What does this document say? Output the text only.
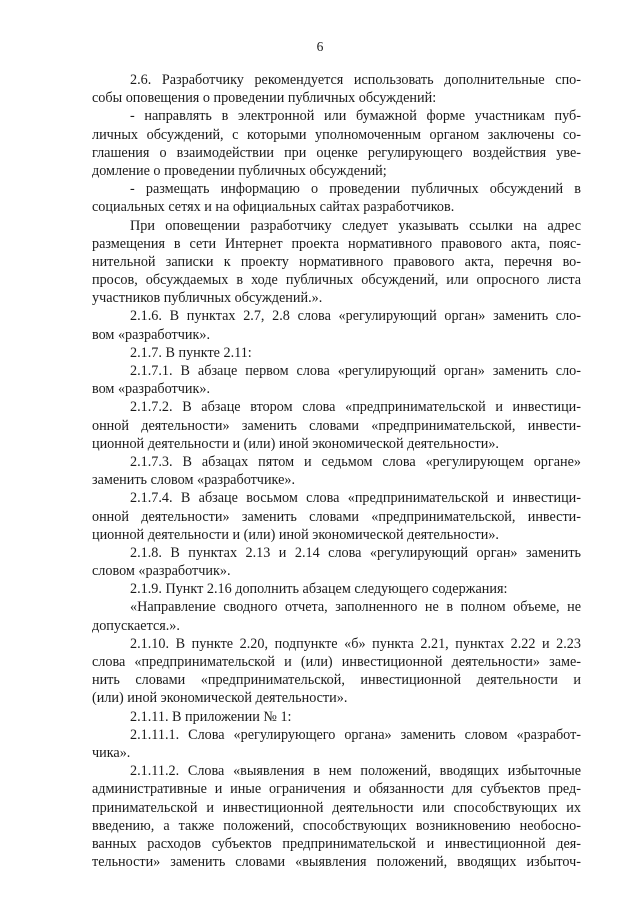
6
2.6. Разработчику рекомендуется использовать дополнительные спо-
собы оповещения о проведении публичных обсуждений:
- направлять в электронной или бумажной форме участникам пуб-
личных обсуждений, с которыми уполномоченным органом заключены со-
глашения о взаимодействии при оценке регулирующего воздействия уве-
домление о проведении публичных обсуждений;
- размещать информацию о проведении публичных обсуждений в
социальных сетях и на официальных сайтах разработчиков.
При оповещении разработчику следует указывать ссылки на адрес
размещения в сети Интернет проекта нормативного правового акта, пояс-
нительной записки к проекту нормативного правового акта, перечня во-
просов, обсуждаемых в ходе публичных обсуждений, или опросного листа
участников публичных обсуждений.».
2.1.6. В пунктах 2.7, 2.8 слова «регулирующий орган» заменить сло-
вом «разработчик».
2.1.7. В пункте 2.11:
2.1.7.1. В абзаце первом слова «регулирующий орган» заменить сло-
вом «разработчик».
2.1.7.2. В абзаце втором слова «предпринимательской и инвестици-
онной деятельности» заменить словами «предпринимательской, инвести-
ционной деятельности и (или) иной экономической деятельности».
2.1.7.3. В абзацах пятом и седьмом слова «регулирующем органе»
заменить словом «разработчике».
2.1.7.4. В абзаце восьмом слова «предпринимательской и инвестици-
онной деятельности» заменить словами «предпринимательской, инвести-
ционной деятельности и (или) иной экономической деятельности».
2.1.8. В пунктах 2.13 и 2.14 слова «регулирующий орган» заменить
словом «разработчик».
2.1.9. Пункт 2.16 дополнить абзацем следующего содержания:
«Направление сводного отчета, заполненного не в полном объеме, не
допускается.».
2.1.10. В пункте 2.20, подпункте «б» пункта 2.21, пунктах 2.22 и 2.23
слова «предпринимательской и (или) инвестиционной деятельности» заме-
нить словами «предпринимательской, инвестиционной деятельности и
(или) иной экономической деятельности».
2.1.11. В приложении № 1:
2.1.11.1. Слова «регулирующего органа» заменить словом «разработ-
чика».
2.1.11.2. Слова «выявления в нем положений, вводящих избыточные
административные и иные ограничения и обязанности для субъектов пред-
принимательской и инвестиционной деятельности или способствующих их
введению, а также положений, способствующих возникновению необосно-
ванных расходов субъектов предпринимательской и инвестиционной дея-
тельности» заменить словами «выявления положений, вводящих избыточ-
